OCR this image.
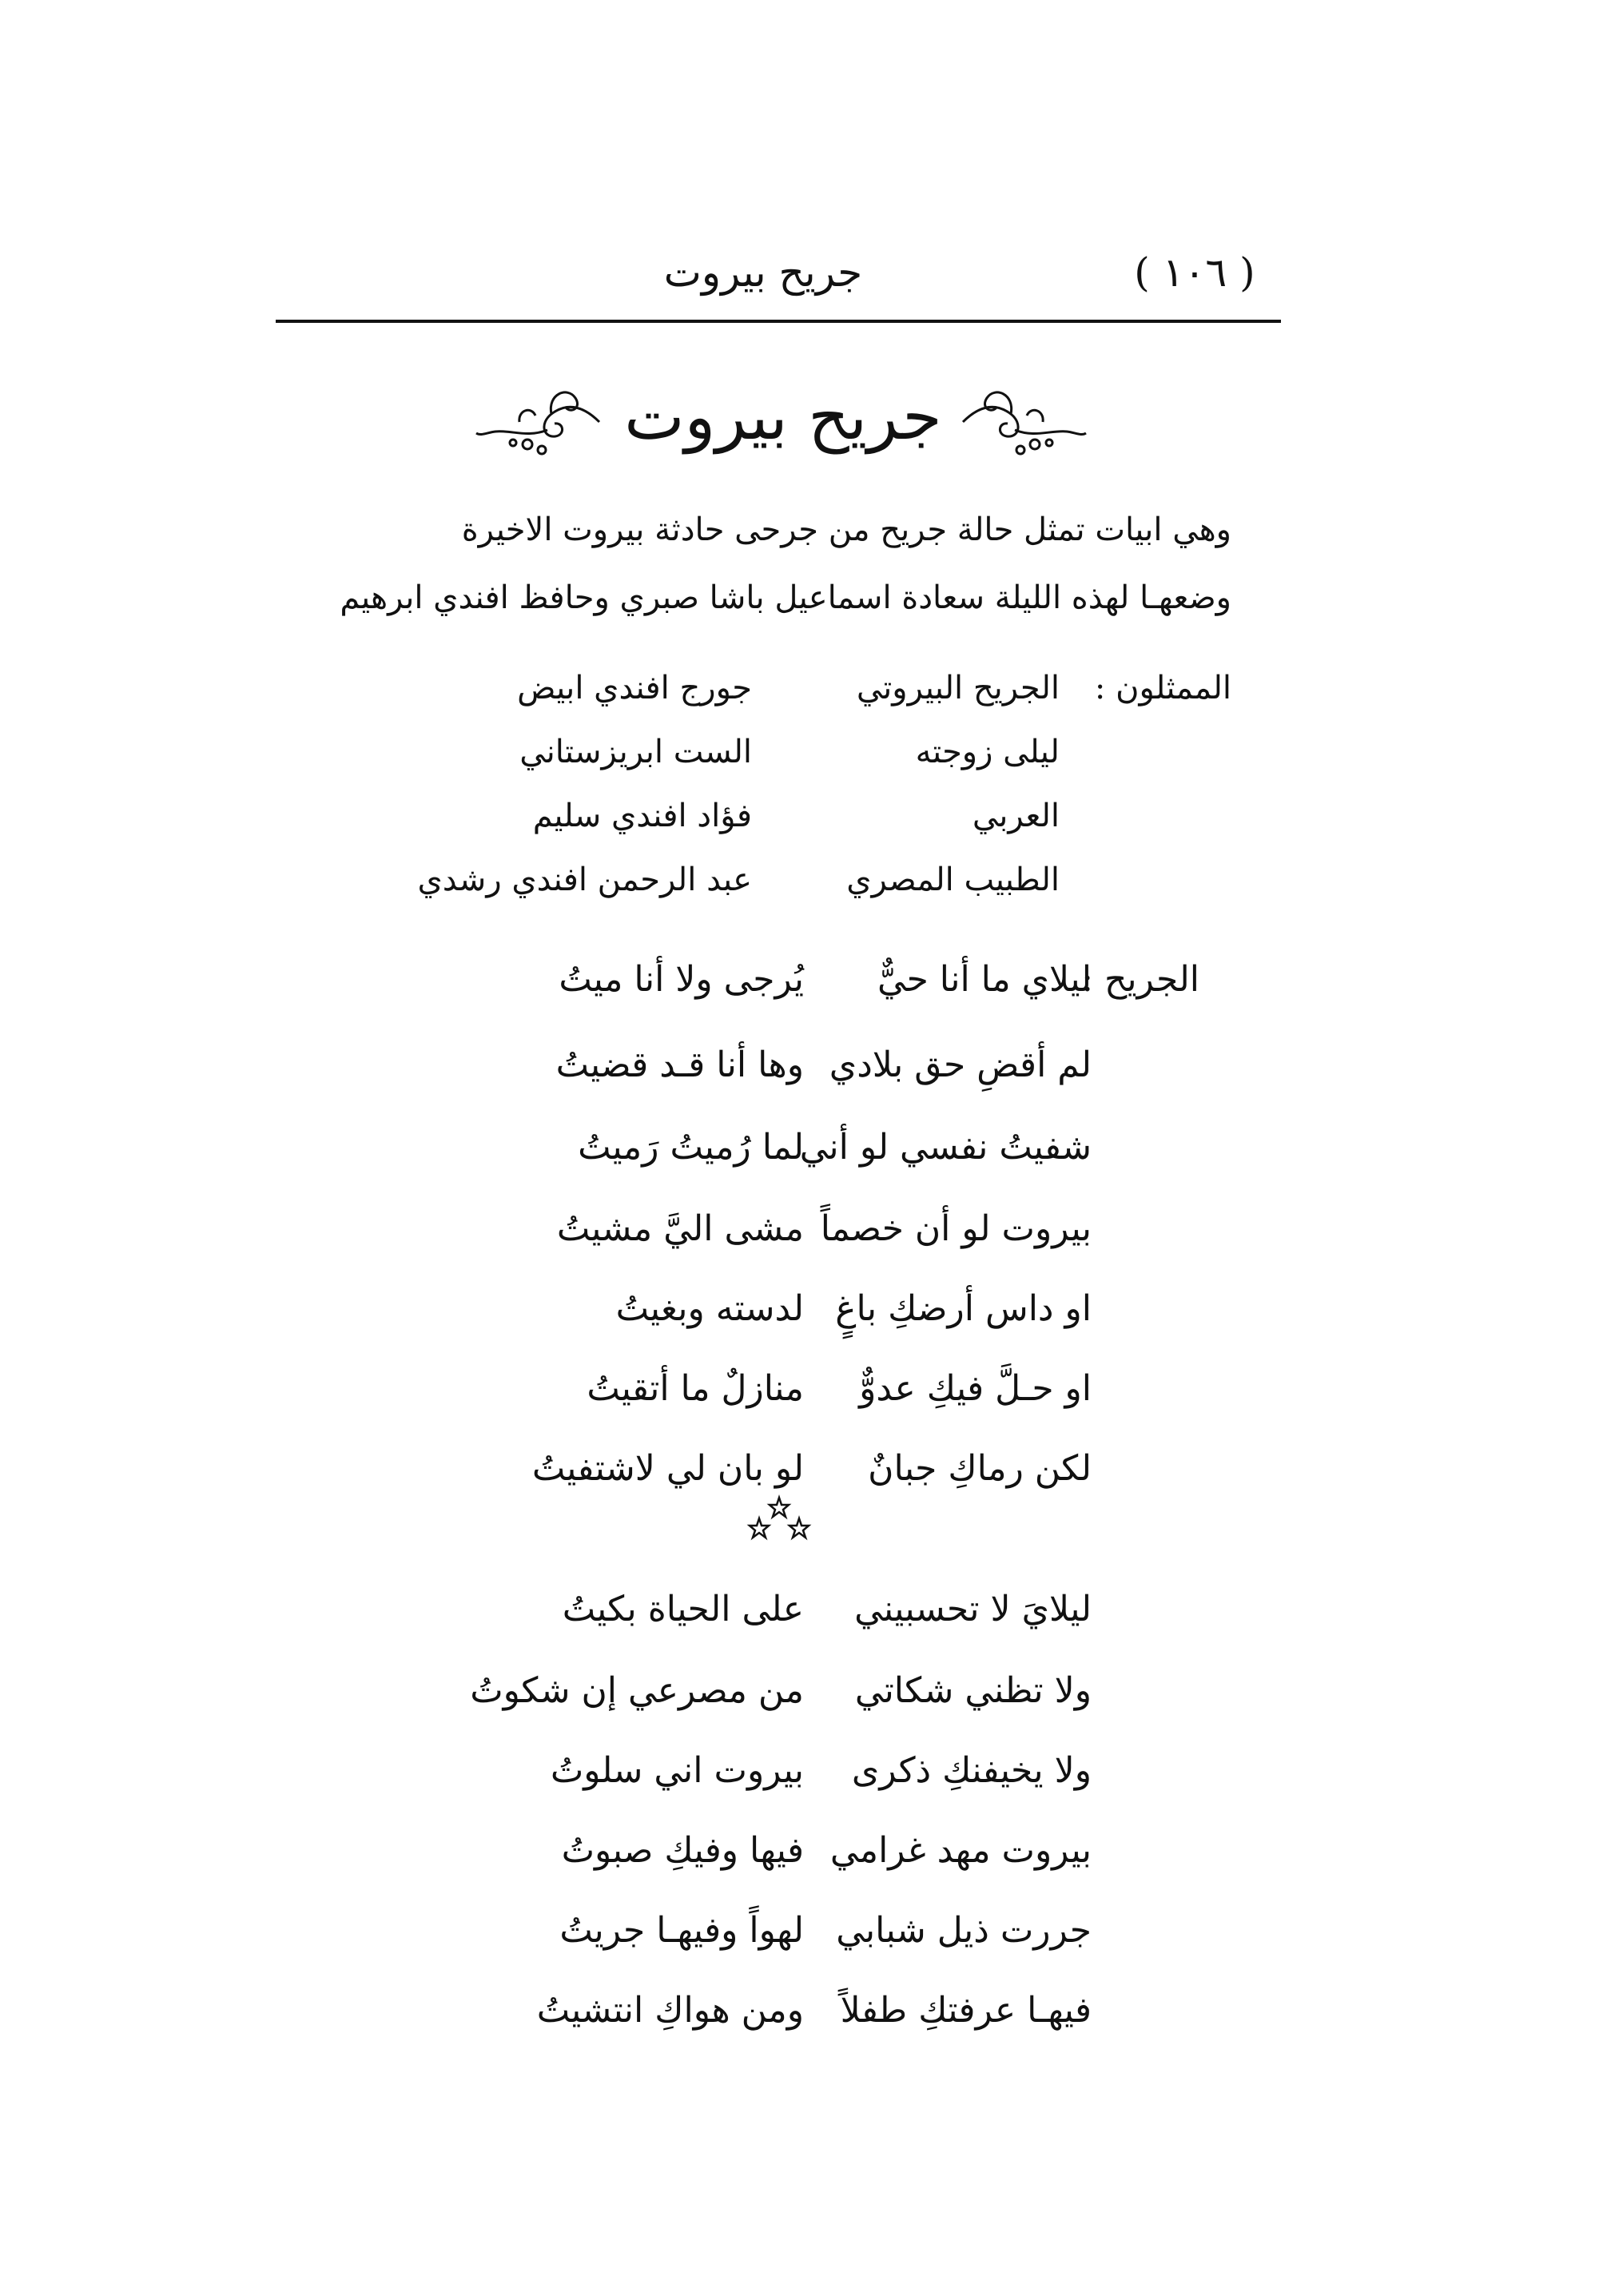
( ١٠٦ )
جريح بيروت
جريح بيروت
وهي ابيات تمثل حالة جريح من جرحى حادثة بيروت الاخيرة
وضعهـا لهذه الليلة سعادة اسماعيل باشا صبري وحافظ افندي ابرهيم
الممثلون :
الجريح البيروتي
جورج افندي ابيض
ليلى زوجته
الست ابريزستاني
العربي
فؤاد افندي سليم
الطبيب المصري
عبد الرحمن افندي رشدي
الجريح :
ليلاي ما أنا حيٌّ
يُرجى ولا أنا ميتُ
لم أقضِ حق بلادي
وها أنا قـد قضيتُ
شفيتُ نفسي لو أني
لما رُميتُ رَميتُ
بيروت لو أن خصماً
مشى اليَّ مشيتُ
او داس أرضكِ باغٍ
لدسته وبغيتُ
او حـلَّ فيكِ عدوٌّ
منازلٌ ما أتقيتُ
لكن رماكِ جبانٌ
لو بان لي لاشتفيتُ
ليلايَ لا تحسبيني
على الحياة بكيتُ
ولا تظني شكاتي
من مصرعي إن شكوتُ
ولا يخيفنكِ ذكرى
بيروت اني سلوتُ
بيروت مهد غرامي
فيها وفيكِ صبوتُ
جررت ذيل شبابي
لهواً وفيهـا جريتُ
فيهـا عرفتكِ طفلاً
ومن هواكِ انتشيتُ
